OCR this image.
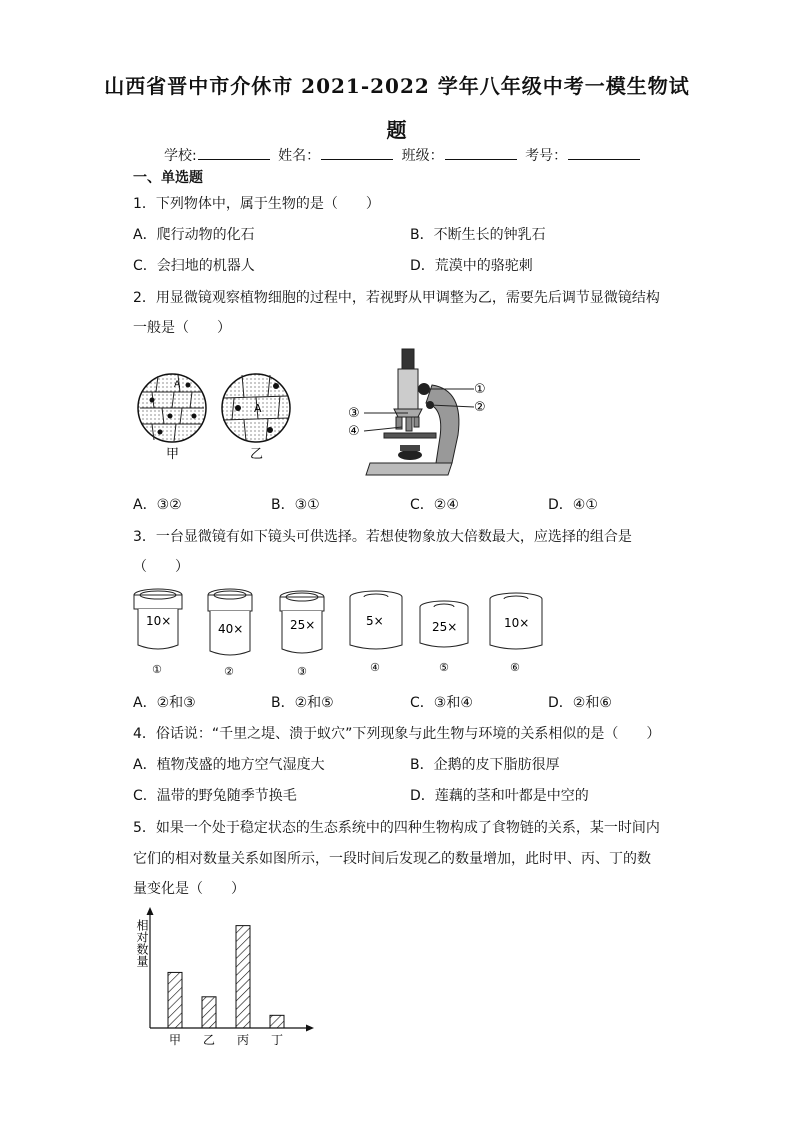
山西省晋中市介休市 2021-2022 学年八年级中考一模生物试
题
学校:	姓名：	班级：	考号：
一、单选题
1．下列物体中，属于生物的是（　　）
A．爬行动物的化石	B．不断生长的钟乳石
C．会扫地的机器人	D．荒漠中的骆驼刺
2．用显微镜观察植物细胞的过程中，若视野从甲调整为乙，需要先后调节显微镜结构
一般是（　　）
A
甲
A
乙
①
②
③
④
A．③②	B．③①	C．②④	D．④①
3．一台显微镜有如下镜头可供选择。若想使物象放大倍数最大，应选择的组合是
（　　）
10×
①
40×
②
25×
③
5×
④
25×
⑤
10×
⑥
A．②和③	B．②和⑤	C．③和④	D．②和⑥
4．俗话说：“千里之堤、溃于蚁穴”下列现象与此生物与环境的关系相似的是（　　）
A．植物茂盛的地方空气湿度大	B．企鹅的皮下脂肪很厚
C．温带的野兔随季节换毛	D．莲藕的茎和叶都是中空的
5．如果一个处于稳定状态的生态系统中的四种生物构成了食物链的关系，某一时间内
它们的相对数量关系如图所示，一段时间后发现乙的数量增加，此时甲、丙、丁的数
量变化是（　　）
相对数量
甲 乙 丙 丁
